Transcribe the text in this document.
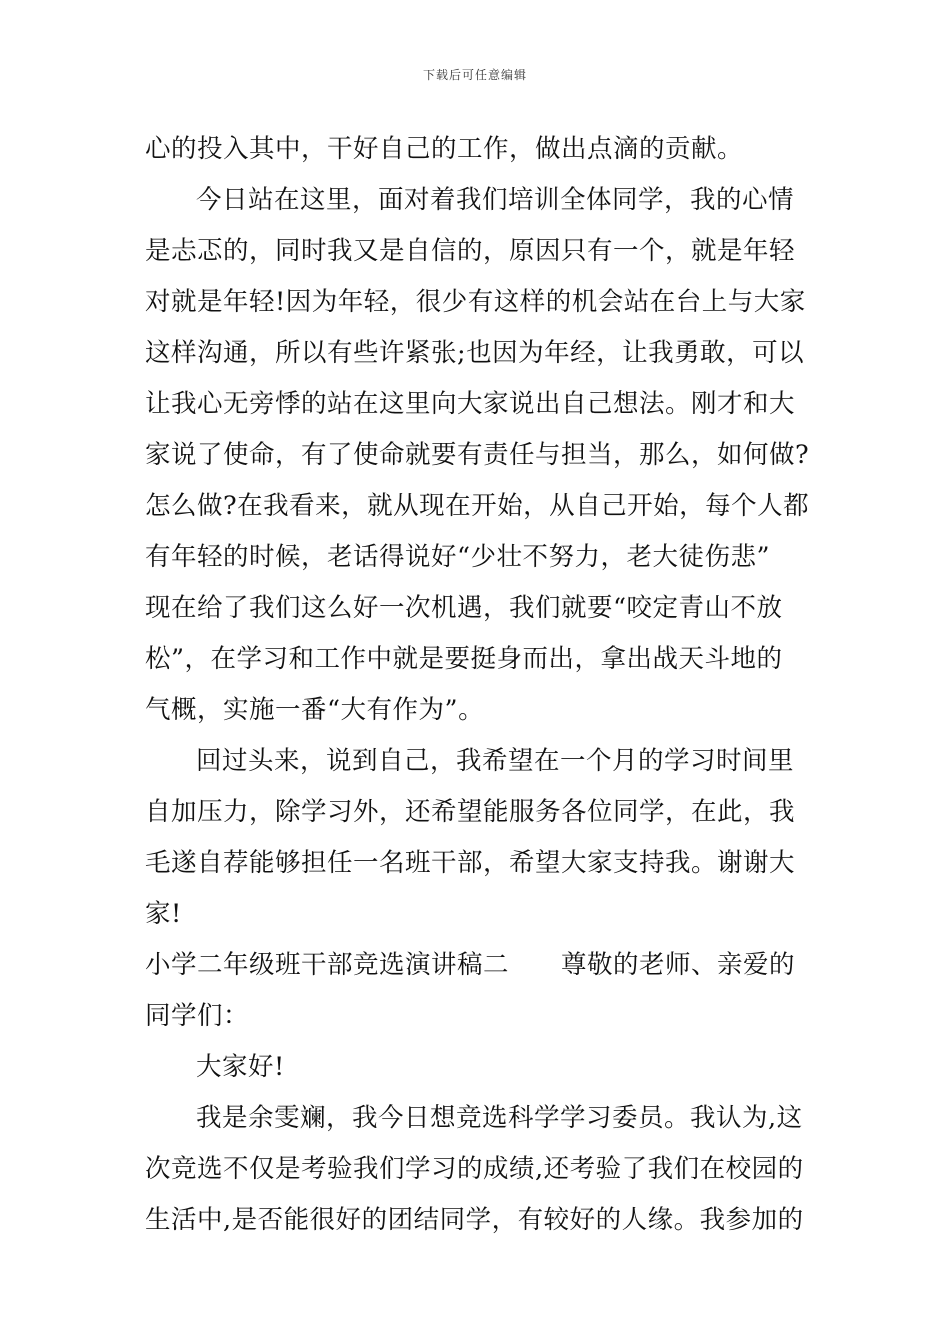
下载后可任意编辑
心的投入其中，干好自己的工作，做出点滴的贡献。
今日站在这里，面对着我们培训全体同学，我的心情
是忐忑的，同时我又是自信的，原因只有一个，就是年轻
对就是年轻!因为年轻，很少有这样的机会站在台上与大家
这样沟通，所以有些许紧张;也因为年经，让我勇敢，可以
让我心无旁悸的站在这里向大家说出自己想法。刚才和大
家说了使命，有了使命就要有责任与担当，那么，如何做?
怎么做?在我看来，就从现在开始，从自己开始，每个人都
有年轻的时候，老话得说好“少壮不努力，老大徒伤悲”
现在给了我们这么好一次机遇，我们就要“咬定青山不放
松”，在学习和工作中就是要挺身而出，拿出战天斗地的
气概，实施一番“大有作为”。
回过头来，说到自己，我希望在一个月的学习时间里
自加压力，除学习外，还希望能服务各位同学，在此，我
毛遂自荐能够担任一名班干部，希望大家支持我。谢谢大
家!
小学二年级班干部竞选演讲稿二 尊敬的老师、亲爱的
同学们：
大家好!
我是余雯斓，我今日想竞选科学学习委员。我认为,这
次竞选不仅是考验我们学习的成绩,还考验了我们在校园的
生活中,是否能很好的团结同学，有较好的人缘。我参加的
